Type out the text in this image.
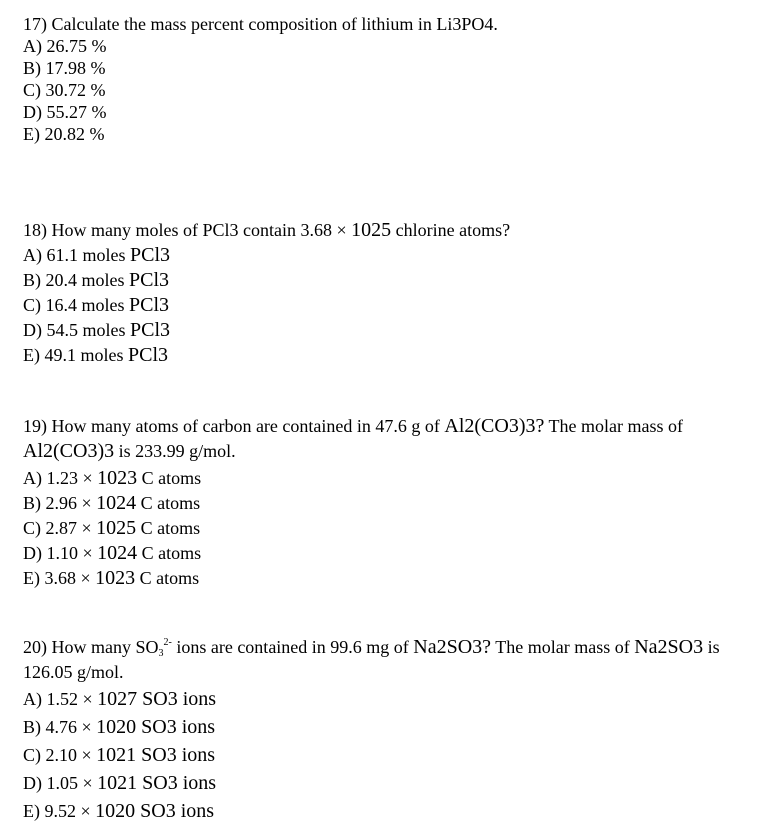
17) Calculate the mass percent composition of lithium in Li3PO4.
A) 26.75 %
B) 17.98 %
C) 30.72 %
D) 55.27 %
E) 20.82 %
18) How many moles of PCl3 contain 3.68 × 1025 chlorine atoms?
A) 61.1 moles PCl3
B) 20.4 moles PCl3
C) 16.4 moles PCl3
D) 54.5 moles PCl3
E) 49.1 moles PCl3
19) How many atoms of carbon are contained in 47.6 g of Al2(CO3)3? The molar mass of
Al2(CO3)3 is 233.99 g/mol.
A) 1.23 × 1023 C atoms
B) 2.96 × 1024 C atoms
C) 2.87 × 1025 C atoms
D) 1.10 × 1024 C atoms
E) 3.68 × 1023 C atoms
20) How many $SO_3^{2-}$ ions are contained in 99.6 mg of Na2SO3? The molar mass of Na2SO3 is
126.05 g/mol.
A) 1.52 × 1027 SO3 ions
B) 4.76 × 1020 SO3 ions
C) 2.10 × 1021 SO3 ions
D) 1.05 × 1021 SO3 ions
E) 9.52 × 1020 SO3 ions
